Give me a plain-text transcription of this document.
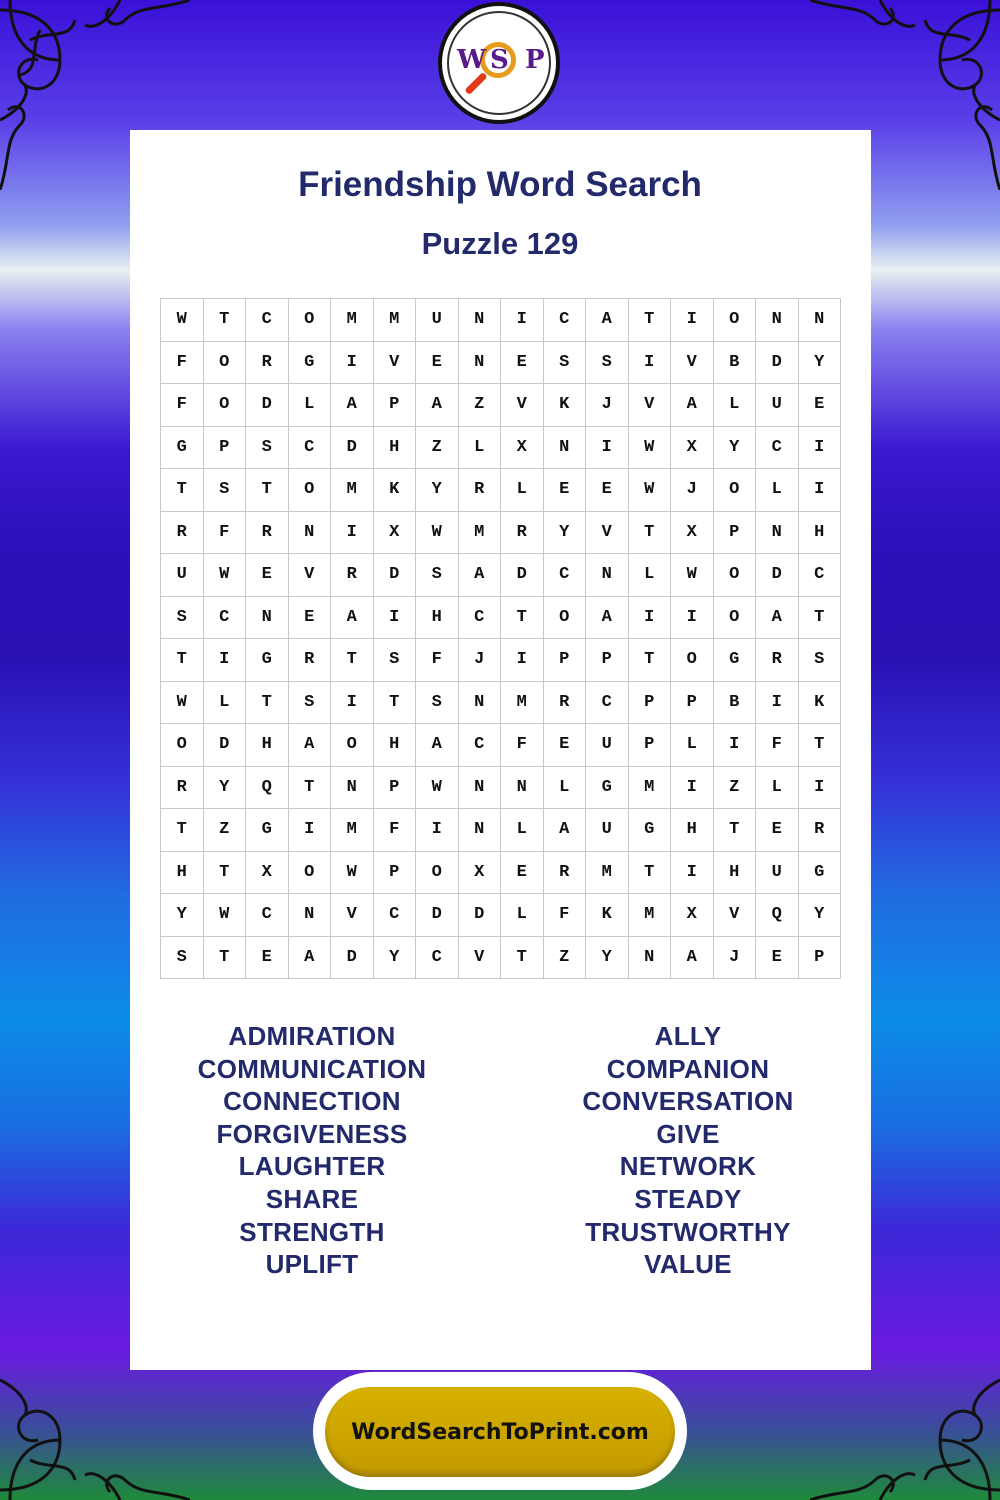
W S P
Friendship Word Search
Puzzle 129
W	T	C	O	M	M	U	N	I	C	A	T	I	O	N	N
F	O	R	G	I	V	E	N	E	S	S	I	V	B	D	Y
F	O	D	L	A	P	A	Z	V	K	J	V	A	L	U	E
G	P	S	C	D	H	Z	L	X	N	I	W	X	Y	C	I
T	S	T	O	M	K	Y	R	L	E	E	W	J	O	L	I
R	F	R	N	I	X	W	M	R	Y	V	T	X	P	N	H
U	W	E	V	R	D	S	A	D	C	N	L	W	O	D	C
S	C	N	E	A	I	H	C	T	O	A	I	I	O	A	T
T	I	G	R	T	S	F	J	I	P	P	T	O	G	R	S
W	L	T	S	I	T	S	N	M	R	C	P	P	B	I	K
O	D	H	A	O	H	A	C	F	E	U	P	L	I	F	T
R	Y	Q	T	N	P	W	N	N	L	G	M	I	Z	L	I
T	Z	G	I	M	F	I	N	L	A	U	G	H	T	E	R
H	T	X	O	W	P	O	X	E	R	M	T	I	H	U	G
Y	W	C	N	V	C	D	D	L	F	K	M	X	V	Q	Y
S	T	E	A	D	Y	C	V	T	Z	Y	N	A	J	E	P
ADMIRATION
COMMUNICATION
CONNECTION
FORGIVENESS
LAUGHTER
SHARE
STRENGTH
UPLIFT
ALLY
COMPANION
CONVERSATION
GIVE
NETWORK
STEADY
TRUSTWORTHY
VALUE
WordSearchToPrint.com
